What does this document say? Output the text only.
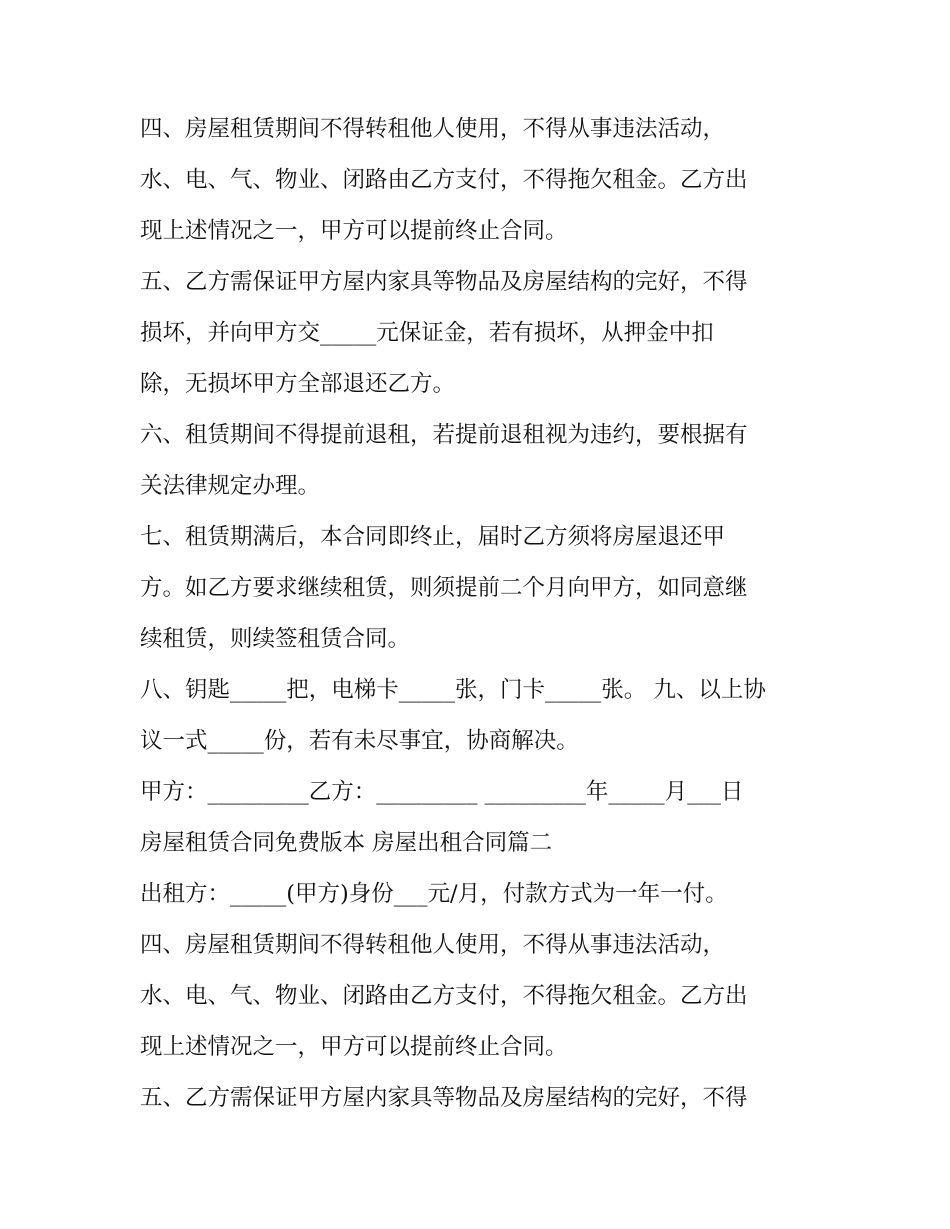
四、房屋租赁期间不得转租他人使用，不得从事违法活动，
水、电、气、物业、闭路由乙方支付，不得拖欠租金。乙方出
现上述情况之一，甲方可以提前终止合同。
五、乙方需保证甲方屋内家具等物品及房屋结构的完好，不得
损坏，并向甲方交_____元保证金，若有损坏，从押金中扣
除，无损坏甲方全部退还乙方。
六、租赁期间不得提前退租，若提前退租视为违约，要根据有
关法律规定办理。
七、租赁期满后，本合同即终止，届时乙方须将房屋退还甲
方。如乙方要求继续租赁，则须提前二个月向甲方，如同意继
续租赁，则续签租赁合同。
八、钥匙_____把，电梯卡_____张，门卡_____张。 九、以上协
议一式_____份，若有未尽事宜，协商解决。
甲方：_________乙方：_________ _________年_____月___日
房屋租赁合同免费版本 房屋出租合同篇二
出租方：_____(甲方)身份___元/月，付款方式为一年一付。
四、房屋租赁期间不得转租他人使用，不得从事违法活动，
水、电、气、物业、闭路由乙方支付，不得拖欠租金。乙方出
现上述情况之一，甲方可以提前终止合同。
五、乙方需保证甲方屋内家具等物品及房屋结构的完好，不得
